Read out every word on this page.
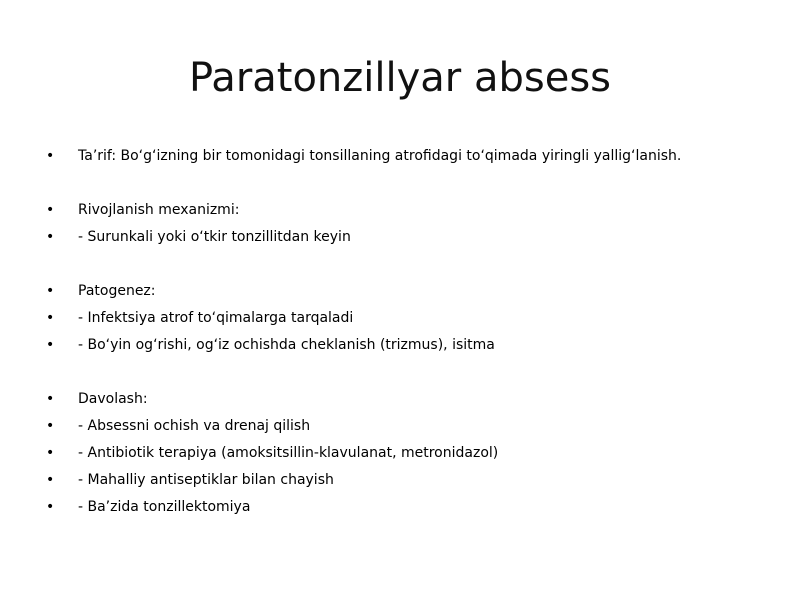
Paratonzillyar absess
•	Ta’rif: Bo‘g‘izning bir tomonidagi tonsillaning atrofidagi to‘qimada yiringli yallig‘lanish.
•	Rivojlanish mexanizmi:
•	- Surunkali yoki o‘tkir tonzillitdan keyin
•	Patogenez:
•	- Infektsiya atrof to‘qimalarga tarqaladi
•	- Bo‘yin og‘rishi, og‘iz ochishda cheklanish (trizmus), isitma
•	Davolash:
•	- Absessni ochish va drenaj qilish
•	- Antibiotik terapiya (amoksitsillin-klavulanat, metronidazol)
•	- Mahalliy antiseptiklar bilan chayish
•	- Ba’zida tonzillektomiya
